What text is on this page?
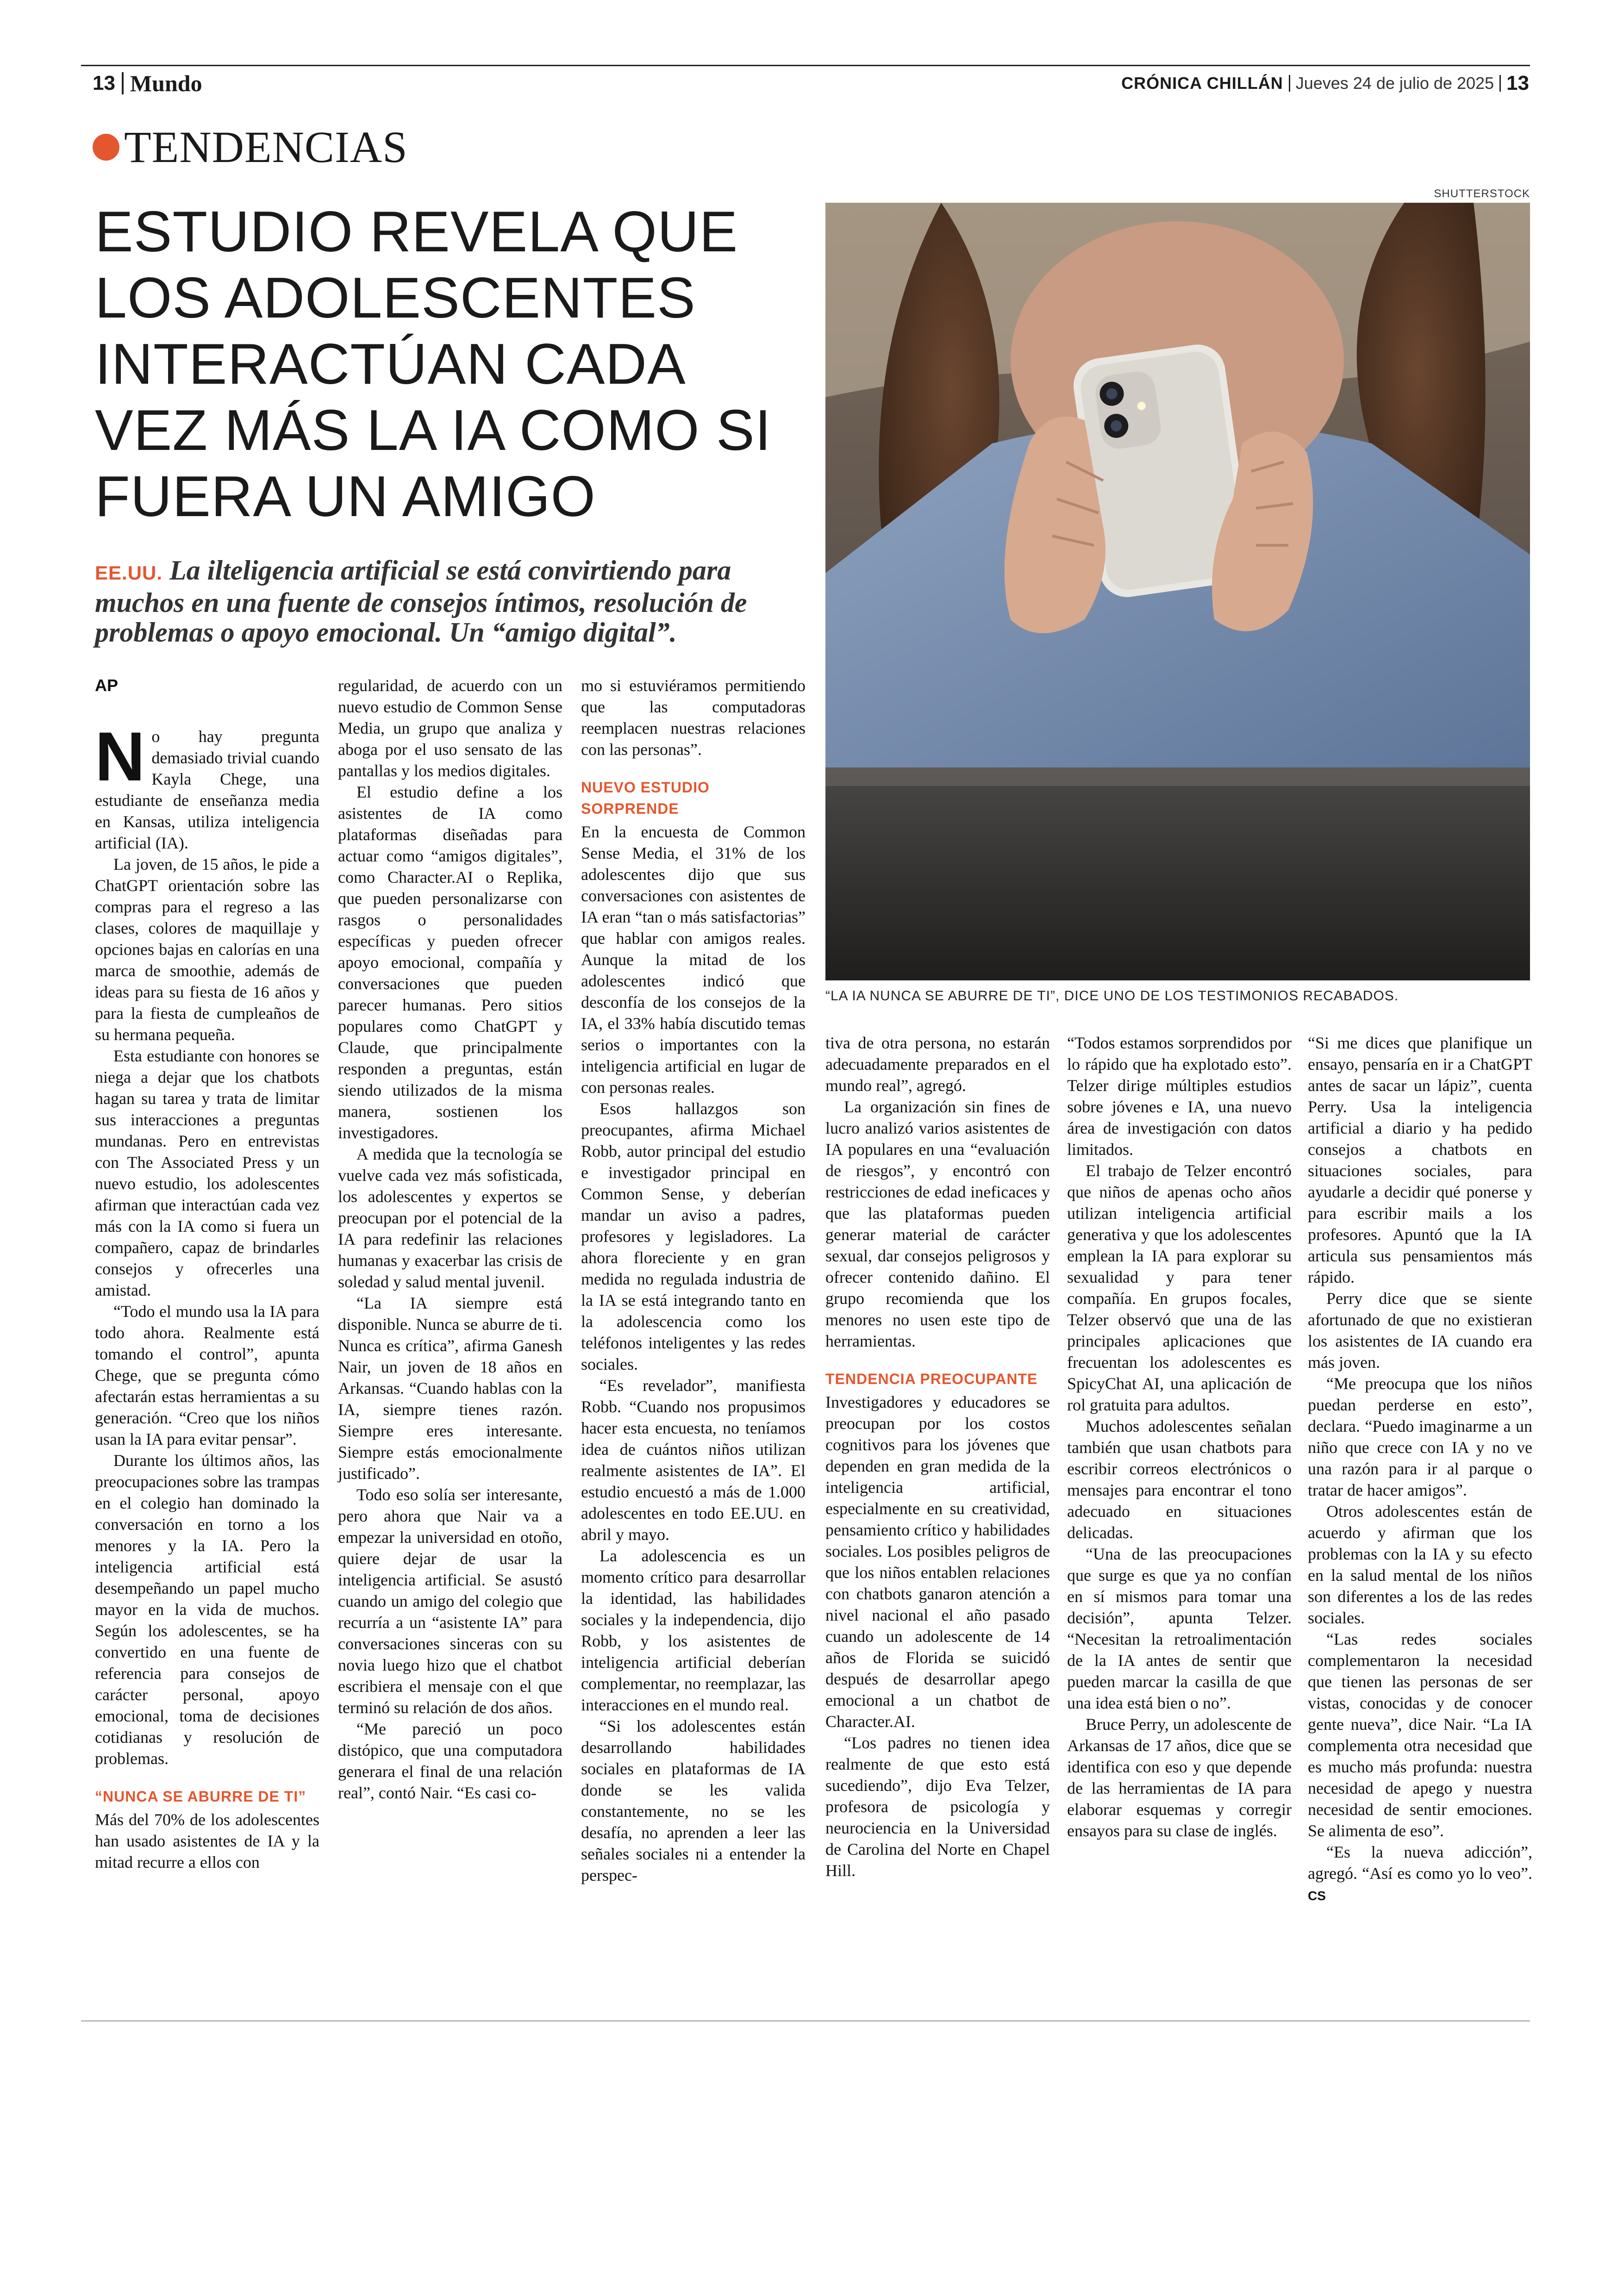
13 Mundo	CRÓNICA CHILLÁN Jueves 24 de julio de 2025 13
TENDENCIAS
ESTUDIO REVELA QUE
LOS ADOLESCENTES
INTERACTÚAN CADA
VEZ MÁS LA IA COMO SI
FUERA UN AMIGO
EE.UU. La ilteligencia artificial se está convirtiendo para muchos en una fuente de consejos íntimos, resolución de problemas o apoyo emocional. Un “amigo digital”.
SHUTTERSTOCK
“LA IA NUNCA SE ABURRE DE TI”, DICE UNO DE LOS TESTIMONIOS RECABADOS.
AP

No hay pregunta demasiado trivial cuando Kayla Chege, una estudiante de enseñanza media en Kansas, utiliza inteligencia artificial (IA).

La joven, de 15 años, le pide a ChatGPT orientación sobre las compras para el regreso a las clases, colores de maquillaje y opciones bajas en calorías en una marca de smoothie, además de ideas para su fiesta de 16 años y para la fiesta de cumpleaños de su hermana pequeña.

Esta estudiante con honores se niega a dejar que los chatbots hagan su tarea y trata de limitar sus interacciones a preguntas mundanas. Pero en entrevistas con The Associated Press y un nuevo estudio, los adolescentes afirman que interactúan cada vez más con la IA como si fuera un compañero, capaz de brindarles consejos y ofrecerles una amistad.

“Todo el mundo usa la IA para todo ahora. Realmente está tomando el control”, apunta Chege, que se pregunta cómo afectarán estas herramientas a su generación. “Creo que los niños usan la IA para evitar pensar”.

Durante los últimos años, las preocupaciones sobre las trampas en el colegio han dominado la conversación en torno a los menores y la IA. Pero la inteligencia artificial está desempeñando un papel mucho mayor en la vida de muchos. Según los adolescentes, se ha convertido en una fuente de referencia para consejos de carácter personal, apoyo emocional, toma de decisiones cotidianas y resolución de problemas.

“NUNCA SE ABURRE DE TI”

Más del 70% de los adolescentes han usado asistentes de IA y la mitad recurre a ellos con

regularidad, de acuerdo con un nuevo estudio de Common Sense Media, un grupo que analiza y aboga por el uso sensato de las pantallas y los medios digitales.

El estudio define a los asistentes de IA como plataformas diseñadas para actuar como “amigos digitales”, como Character.AI o Replika, que pueden personalizarse con rasgos o personalidades específicas y pueden ofrecer apoyo emocional, compañía y conversaciones que pueden parecer humanas. Pero sitios populares como ChatGPT y Claude, que principalmente responden a preguntas, están siendo utilizados de la misma manera, sostienen los investigadores.

A medida que la tecnología se vuelve cada vez más sofisticada, los adolescentes y expertos se preocupan por el potencial de la IA para redefinir las relaciones humanas y exacerbar las crisis de soledad y salud mental juvenil.

“La IA siempre está disponible. Nunca se aburre de ti. Nunca es crítica”, afirma Ganesh Nair, un joven de 18 años en Arkansas. “Cuando hablas con la IA, siempre tienes razón. Siempre eres interesante. Siempre estás emocionalmente justificado”.

Todo eso solía ser interesante, pero ahora que Nair va a empezar la universidad en otoño, quiere dejar de usar la inteligencia artificial. Se asustó cuando un amigo del colegio que recurría a un “asistente IA” para conversaciones sinceras con su novia luego hizo que el chatbot escribiera el mensaje con el que terminó su relación de dos años.

“Me pareció un poco distópico, que una computadora generara el final de una relación real”, contó Nair. “Es casi co-

mo si estuviéramos permitiendo que las computadoras reemplacen nuestras relaciones con las personas”.

NUEVO ESTUDIO SORPRENDE

En la encuesta de Common Sense Media, el 31% de los adolescentes dijo que sus conversaciones con asistentes de IA eran “tan o más satisfactorias” que hablar con amigos reales. Aunque la mitad de los adolescentes indicó que desconfía de los consejos de la IA, el 33% había discutido temas serios o importantes con la inteligencia artificial en lugar de con personas reales.

Esos hallazgos son preocupantes, afirma Michael Robb, autor principal del estudio e investigador principal en Common Sense, y deberían mandar un aviso a padres, profesores y legisladores. La ahora floreciente y en gran medida no regulada industria de la IA se está integrando tanto en la adolescencia como los teléfonos inteligentes y las redes sociales.

“Es revelador”, manifiesta Robb. “Cuando nos propusimos hacer esta encuesta, no teníamos idea de cuántos niños utilizan realmente asistentes de IA”. El estudio encuestó a más de 1.000 adolescentes en todo EE.UU. en abril y mayo.

La adolescencia es un momento crítico para desarrollar la identidad, las habilidades sociales y la independencia, dijo Robb, y los asistentes de inteligencia artificial deberían complementar, no reemplazar, las interacciones en el mundo real.

“Si los adolescentes están desarrollando habilidades sociales en plataformas de IA donde se les valida constantemente, no se les desafía, no aprenden a leer las señales sociales ni a entender la perspec-

tiva de otra persona, no estarán adecuadamente preparados en el mundo real”, agregó.

La organización sin fines de lucro analizó varios asistentes de IA populares en una “evaluación de riesgos”, y encontró con restricciones de edad ineficaces y que las plataformas pueden generar material de carácter sexual, dar consejos peligrosos y ofrecer contenido dañino. El grupo recomienda que los menores no usen este tipo de herramientas.

TENDENCIA PREOCUPANTE

Investigadores y educadores se preocupan por los costos cognitivos para los jóvenes que dependen en gran medida de la inteligencia artificial, especialmente en su creatividad, pensamiento crítico y habilidades sociales. Los posibles peligros de que los niños entablen relaciones con chatbots ganaron atención a nivel nacional el año pasado cuando un adolescente de 14 años de Florida se suicidó después de desarrollar apego emocional a un chatbot de Character.AI.

“Los padres no tienen idea realmente de que esto está sucediendo”, dijo Eva Telzer, profesora de psicología y neurociencia en la Universidad de Carolina del Norte en Chapel Hill.

“Todos estamos sorprendidos por lo rápido que ha explotado esto”. Telzer dirige múltiples estudios sobre jóvenes e IA, una nuevo área de investigación con datos limitados.

El trabajo de Telzer encontró que niños de apenas ocho años utilizan inteligencia artificial generativa y que los adolescentes emplean la IA para explorar su sexualidad y para tener compañía. En grupos focales, Telzer observó que una de las principales aplicaciones que frecuentan los adolescentes es SpicyChat AI, una aplicación de rol gratuita para adultos.

Muchos adolescentes señalan también que usan chatbots para escribir correos electrónicos o mensajes para encontrar el tono adecuado en situaciones delicadas.

“Una de las preocupaciones que surge es que ya no confían en sí mismos para tomar una decisión”, apunta Telzer. “Necesitan la retroalimentación de la IA antes de sentir que pueden marcar la casilla de que una idea está bien o no”.

Bruce Perry, un adolescente de Arkansas de 17 años, dice que se identifica con eso y que depende de las herramientas de IA para elaborar esquemas y corregir ensayos para su clase de inglés.

“Si me dices que planifique un ensayo, pensaría en ir a ChatGPT antes de sacar un lápiz”, cuenta Perry. Usa la inteligencia artificial a diario y ha pedido consejos a chatbots en situaciones sociales, para ayudarle a decidir qué ponerse y para escribir mails a los profesores. Apuntó que la IA articula sus pensamientos más rápido.

Perry dice que se siente afortunado de que no existieran los asistentes de IA cuando era más joven.

“Me preocupa que los niños puedan perderse en esto”, declara. “Puedo imaginarme a un niño que crece con IA y no ve una razón para ir al parque o tratar de hacer amigos”.

Otros adolescentes están de acuerdo y afirman que los problemas con la IA y su efecto en la salud mental de los niños son diferentes a los de las redes sociales.

“Las redes sociales complementaron la necesidad que tienen las personas de ser vistas, conocidas y de conocer gente nueva”, dice Nair. “La IA complementa otra necesidad que es mucho más profunda: nuestra necesidad de apego y nuestra necesidad de sentir emociones. Se alimenta de eso”.

“Es la nueva adicción”, agregó. “Así es como yo lo veo”. CS
